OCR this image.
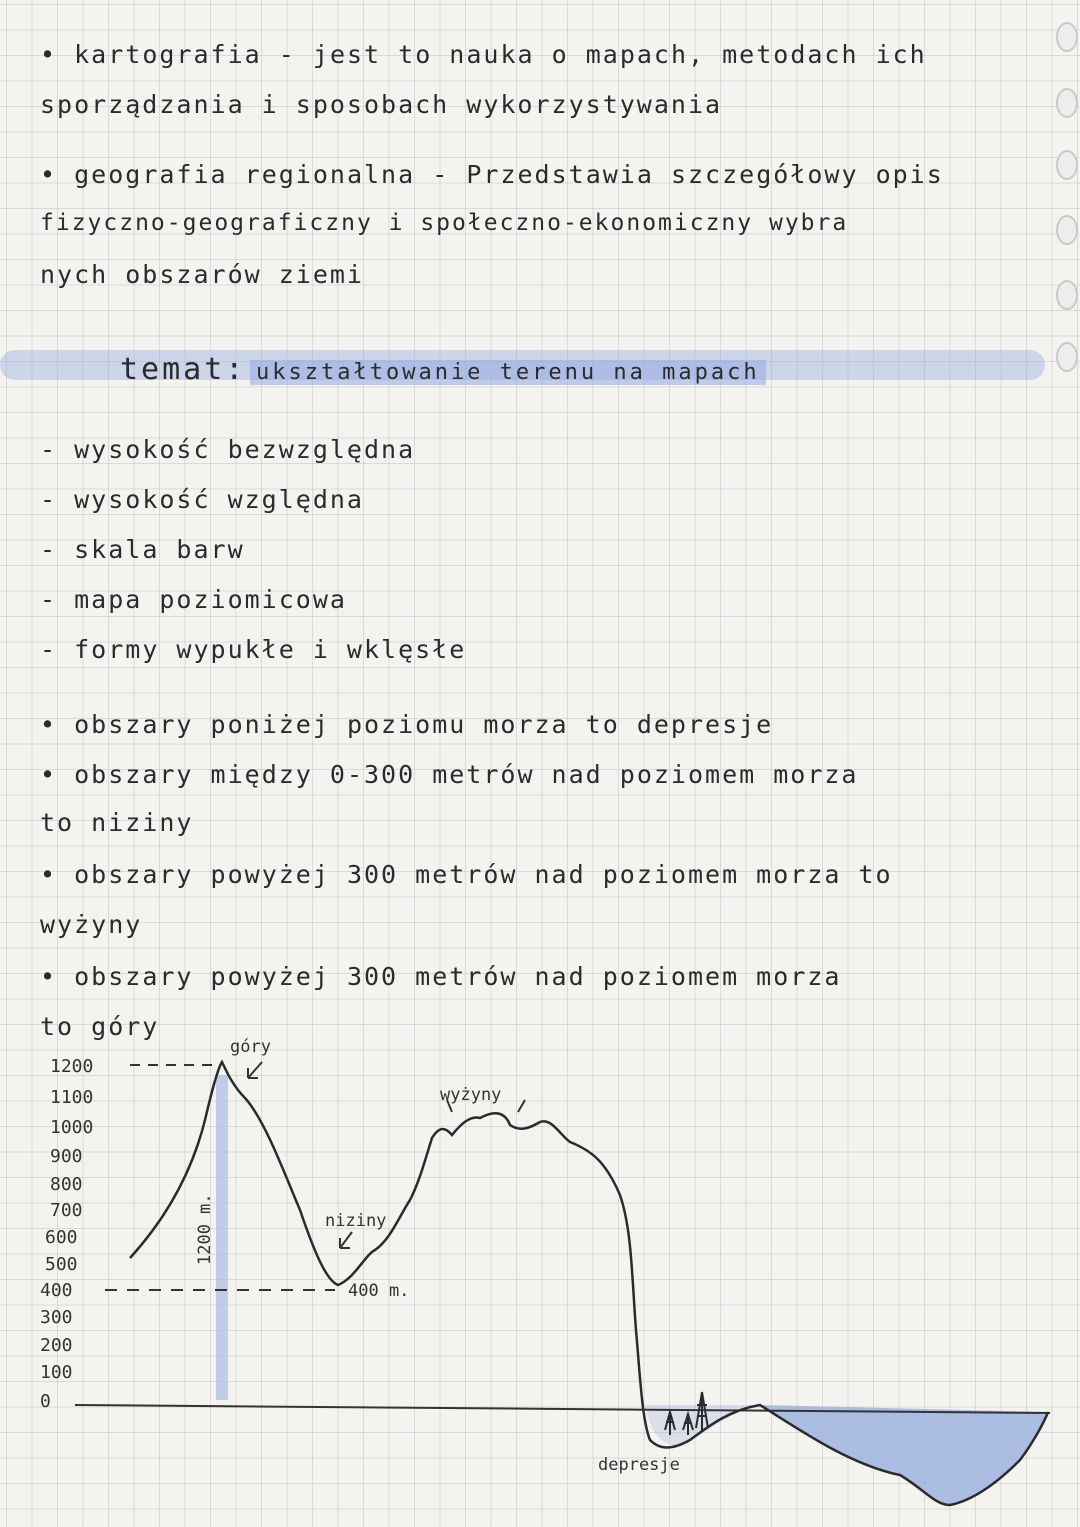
• kartografia - jest to nauka o mapach, metodach ich
sporządzania i sposobach wykorzystywania
• geografia regionalna - Przedstawia szczegółowy opis
fizyczno-geograficzny i społeczno-ekonomiczny wybra
nych obszarów ziemi
temat: ukształtowanie terenu na mapach
- wysokość bezwzględna
- wysokość względna
- skala barw
- mapa poziomicowa
- formy wypukłe i wklęsłe
• obszary poniżej poziomu morza to depresje
• obszary między 0-300 metrów nad poziomem morza
to niziny
• obszary powyżej 300 metrów nad poziomem morza to
wyżyny
• obszary powyżej 300 metrów nad poziomem morza
to góry
1200
1100
1000
900
800
700
600
500
400
300
200
100
0
góry
wyżyny
niziny
400 m.
depresje
1200 m.
